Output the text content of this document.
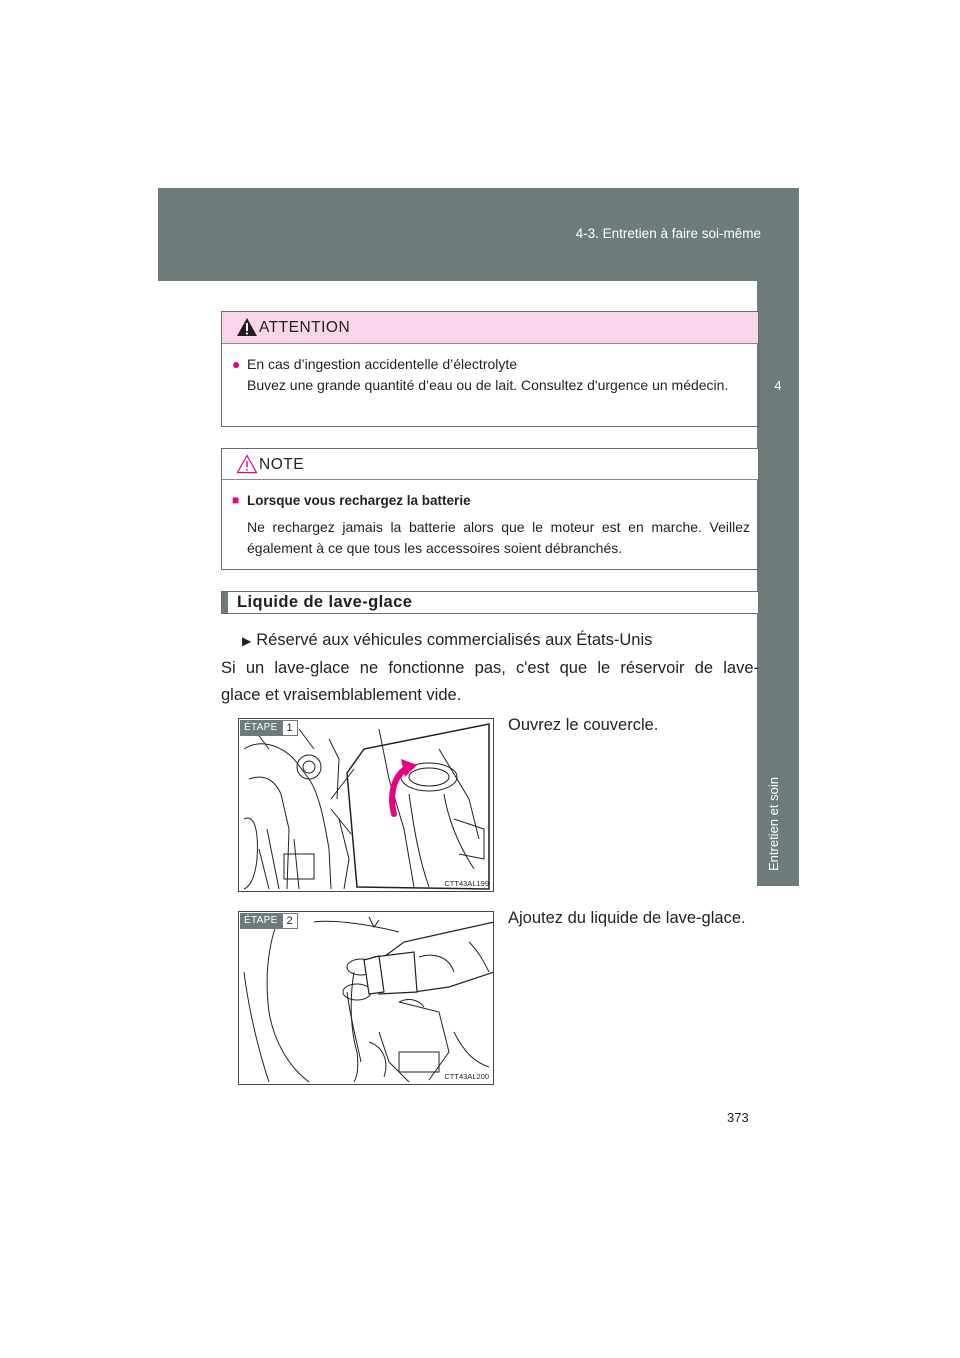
4-3. Entretien à faire soi-même
4
Entretien et soin
ATTENTION
● En cas d’ingestion accidentelle d’électrolyte
Buvez une grande quantité d’eau ou de lait. Consultez d'urgence un médecin.
NOTE
■ Lorsque vous rechargez la batterie
Ne rechargez jamais la batterie alors que le moteur est en marche. Veillez également à ce que tous les accessoires soient débranchés.
Liquide de lave-glace
▶ Réservé aux véhicules commercialisés aux États-Unis
Si un lave-glace ne fonctionne pas, c'est que le réservoir de lave-
glace et vraisemblablement vide.
ÉTAPE 1
CTT43AL199
Ouvrez le couvercle.
ÉTAPE 2
CTT43AL200
Ajoutez du liquide de lave-glace.
373
